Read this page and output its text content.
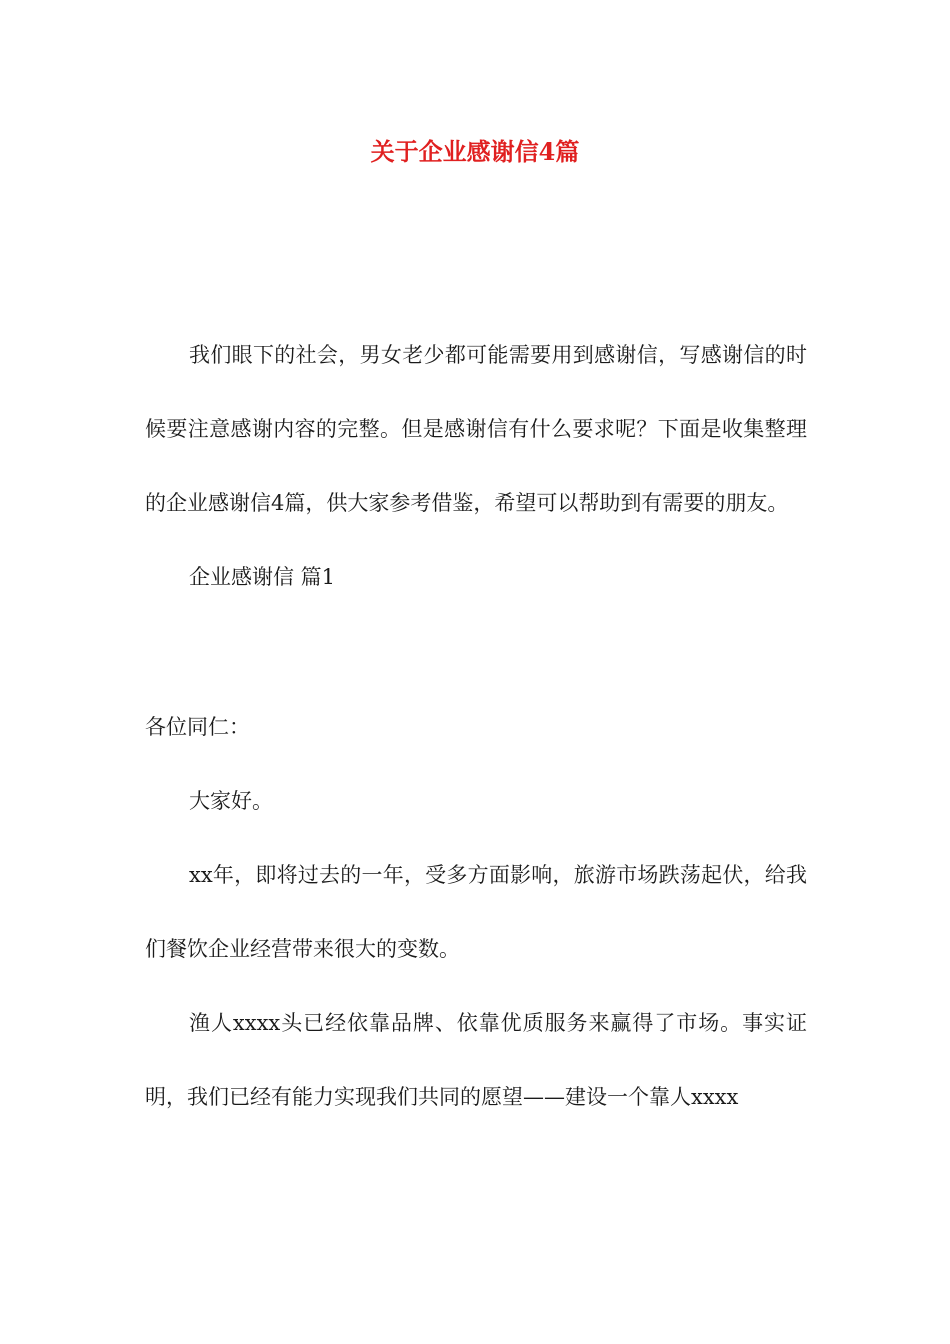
关于企业感谢信4篇

我们眼下的社会，男女老少都可能需要用到感谢信，写感谢信的时候要注意感谢内容的完整。但是感谢信有什么要求呢？下面是收集整理的企业感谢信4篇，供大家参考借鉴，希望可以帮助到有需要的朋友。

企业感谢信 篇1

各位同仁：

大家好。

xx年，即将过去的一年，受多方面影响，旅游市场跌荡起伏，给我们餐饮企业经营带来很大的变数。

渔人xxxx头已经依靠品牌、依靠优质服务来赢得了市场。事实证明，我们已经有能力实现我们共同的愿望——建设一个靠人xxxx
